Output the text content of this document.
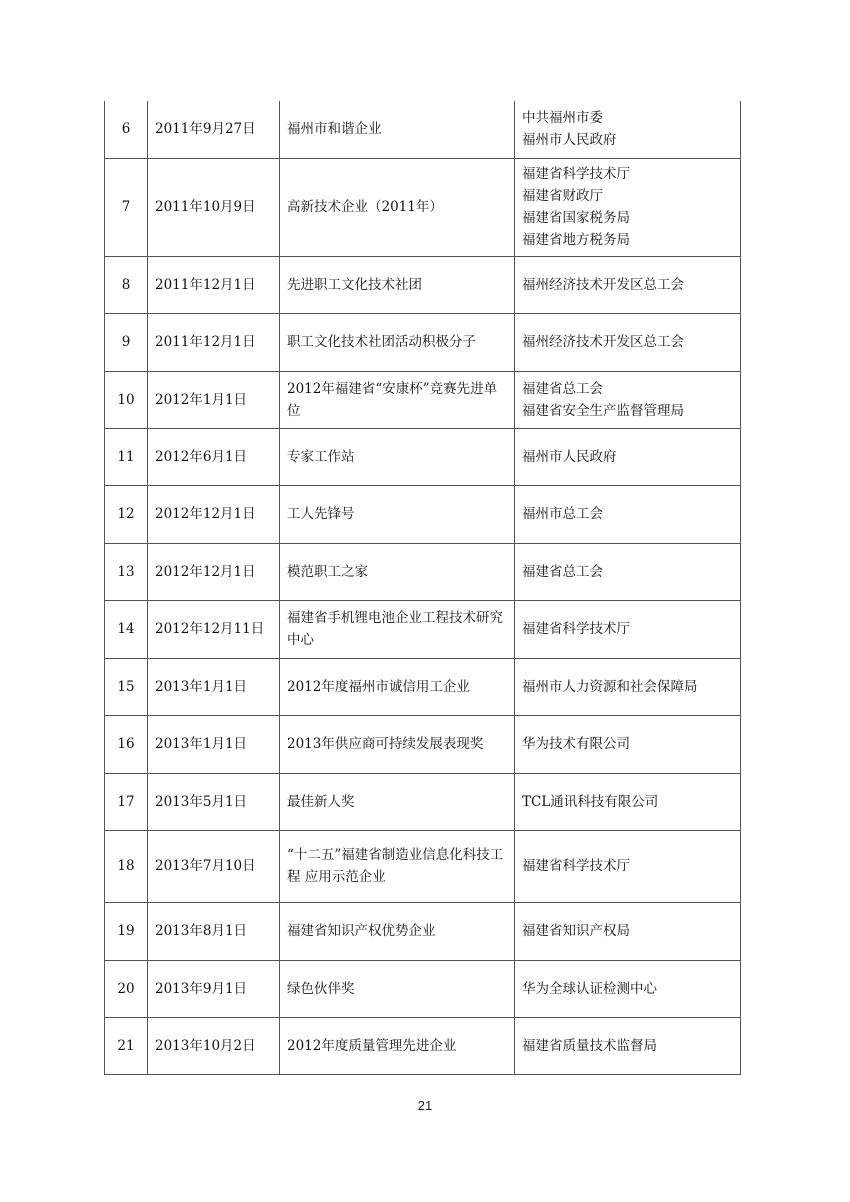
6	2011年9月27日	福州市和谐企业	中共福州市委
福州市人民政府

7	2011年10月9日	高新技术企业（2011年）	福建省科学技术厅
福建省财政厅
福建省国家税务局
福建省地方税务局

8	2011年12月1日	先进职工文化技术社团	福州经济技术开发区总工会

9	2011年12月1日	职工文化技术社团活动积极分子	福州经济技术开发区总工会

10	2012年1月1日	2012年福建省“安康杯”竞赛先进单位	福建省总工会
福建省安全生产监督管理局

11	2012年6月1日	专家工作站	福州市人民政府

12	2012年12月1日	工人先锋号	福州市总工会

13	2012年12月1日	模范职工之家	福建省总工会

14	2012年12月11日	福建省手机锂电池企业工程技术研究中心	福建省科学技术厅

15	2013年1月1日	2012年度福州市诚信用工企业	福州市人力资源和社会保障局

16	2013年1月1日	2013年供应商可持续发展表现奖	华为技术有限公司

17	2013年5月1日	最佳新人奖	TCL通讯科技有限公司

18	2013年7月10日	“十二五”福建省制造业信息化科技工程 应用示范企业	福建省科学技术厅

19	2013年8月1日	福建省知识产权优势企业	福建省知识产权局

20	2013年9月1日	绿色伙伴奖	华为全球认证检测中心

21	2013年10月2日	2012年度质量管理先进企业	福建省质量技术监督局
21
